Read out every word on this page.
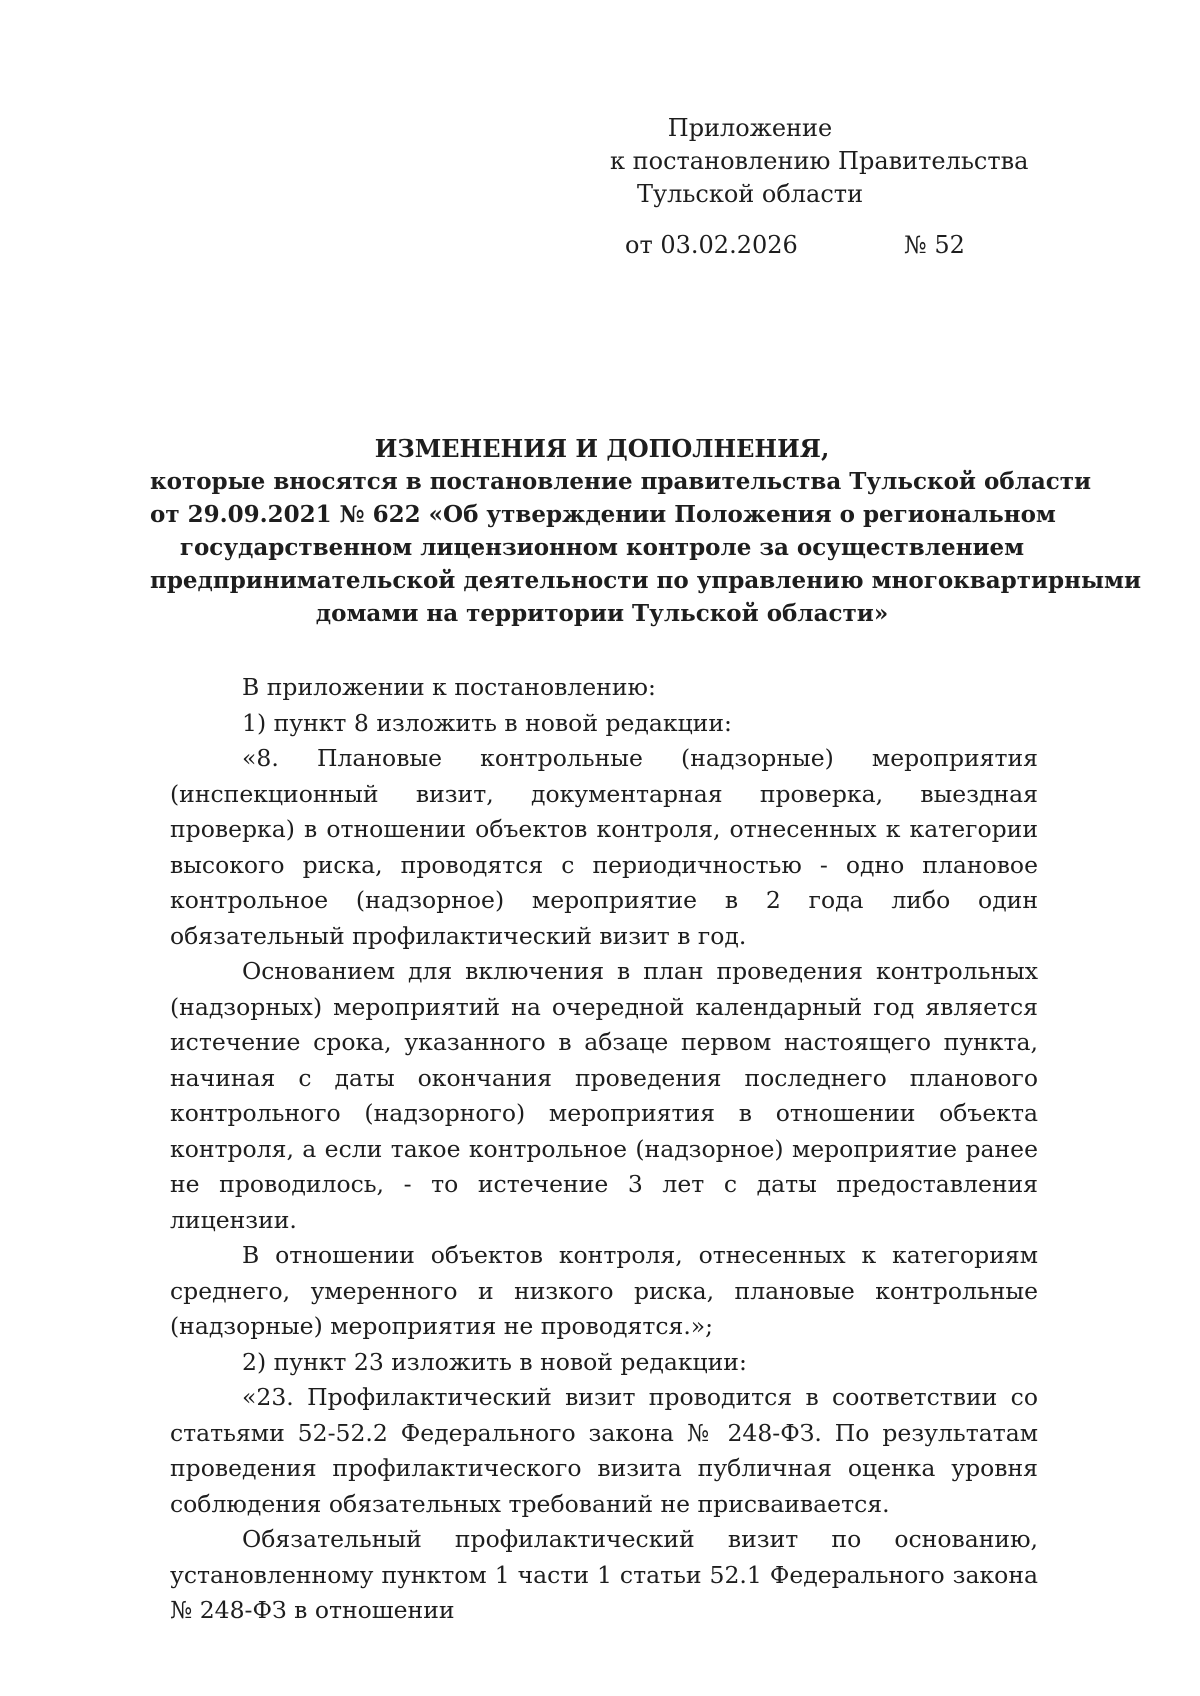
Приложение
к постановлению Правительства
Тульской области
от 03.02.2026	№ 52
ИЗМЕНЕНИЯ И ДОПОЛНЕНИЯ,
которые вносятся в постановление правительства Тульской области
от 29.09.2021 № 622 «Об утверждении Положения о региональном
государственном лицензионном контроле за осуществлением
предпринимательской деятельности по управлению многоквартирными
домами на территории Тульской области»

В приложении к постановлению:

1) пункт 8 изложить в новой редакции:

«8. Плановые контрольные (надзорные) мероприятия (инспекционный визит, документарная проверка, выездная проверка) в отношении объектов контроля, отнесенных к категории высокого риска, проводятся с периодичностью - одно плановое контрольное (надзорное) мероприятие в 2 года либо один обязательный профилактический визит в год.

Основанием для включения в план проведения контрольных (надзорных) мероприятий на очередной календарный год является истечение срока, указанного в абзаце первом настоящего пункта, начиная с даты окончания проведения последнего планового контрольного (надзорного) мероприятия в отношении объекта контроля, а если такое контрольное (надзорное) мероприятие ранее не проводилось, - то истечение 3 лет с даты предоставления лицензии.

В отношении объектов контроля, отнесенных к категориям среднего, умеренного и низкого риска, плановые контрольные (надзорные) мероприятия не проводятся.»;

2) пункт 23 изложить в новой редакции:

«23. Профилактический визит проводится в соответствии со статьями 52-52.2 Федерального закона № 248-ФЗ. По результатам проведения профилактического визита публичная оценка уровня соблюдения обязательных требований не присваивается.

Обязательный профилактический визит по основанию, установленному пунктом 1 части 1 статьи 52.1 Федерального закона № 248-ФЗ в отношении
